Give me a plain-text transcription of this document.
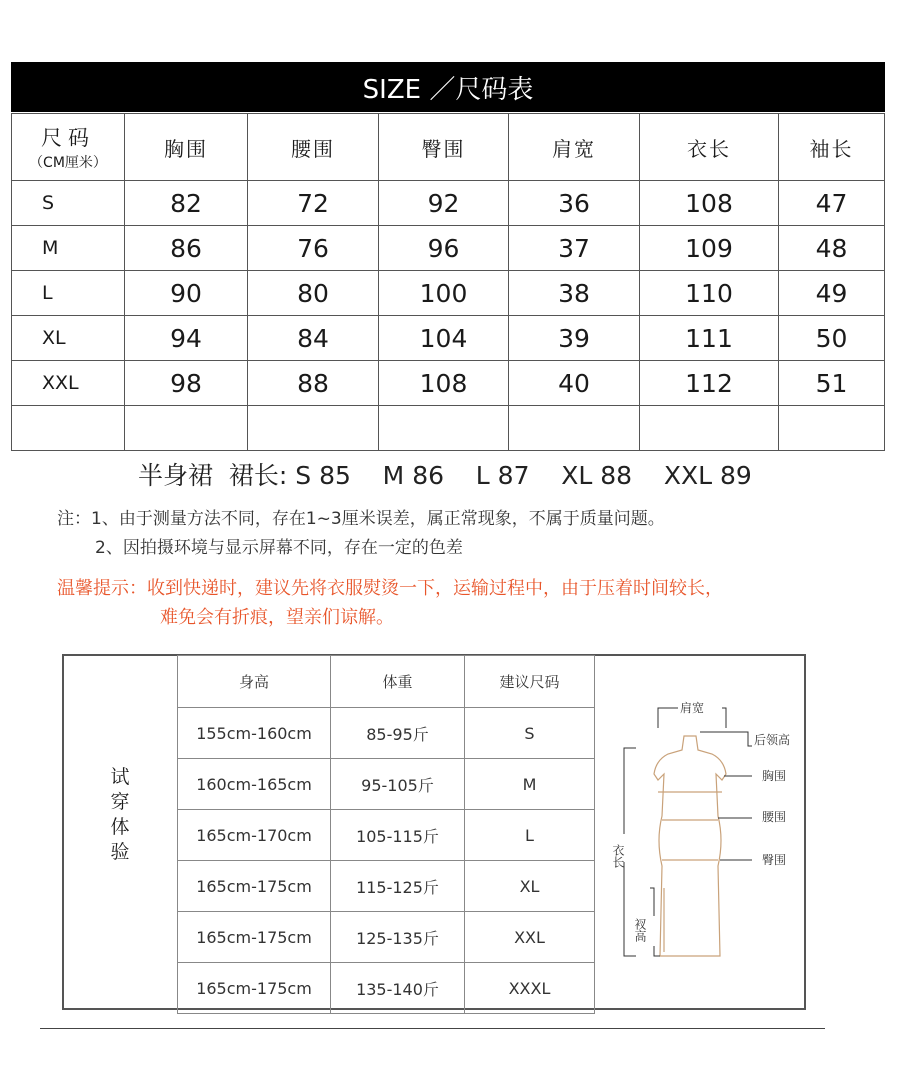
SIZE ／尺码表
尺码
（CM厘米）	胸围	腰围	臀围	肩宽	衣长	袖长
S	82	72	92	36	108	47
M	86	76	96	37	109	48
L	90	80	100	38	110	49
XL	94	84	104	39	111	50
XXL	98	88	108	40	112	51

半身裙  裙长: S 85    M 86    L 87    XL 88    XXL 89
注：1、由于测量方法不同，存在1~3厘米误差，属正常现象，不属于质量问题。
2、因拍摄环境与显示屏幕不同，存在一定的色差
温馨提示：收到快递时，建议先将衣服熨烫一下，运输过程中，由于压着时间较长，
难免会有折痕，望亲们谅解。
试穿体验
身高	体重	建议尺码
155cm-160cm	85-95斤	S
160cm-165cm	95-105斤	M
165cm-170cm	105-115斤	L
165cm-175cm	115-125斤	XL
165cm-175cm	125-135斤	XXL
165cm-175cm	135-140斤	XXXL
肩宽
后领高
胸围
腰围
臀围
衣长
衩高
